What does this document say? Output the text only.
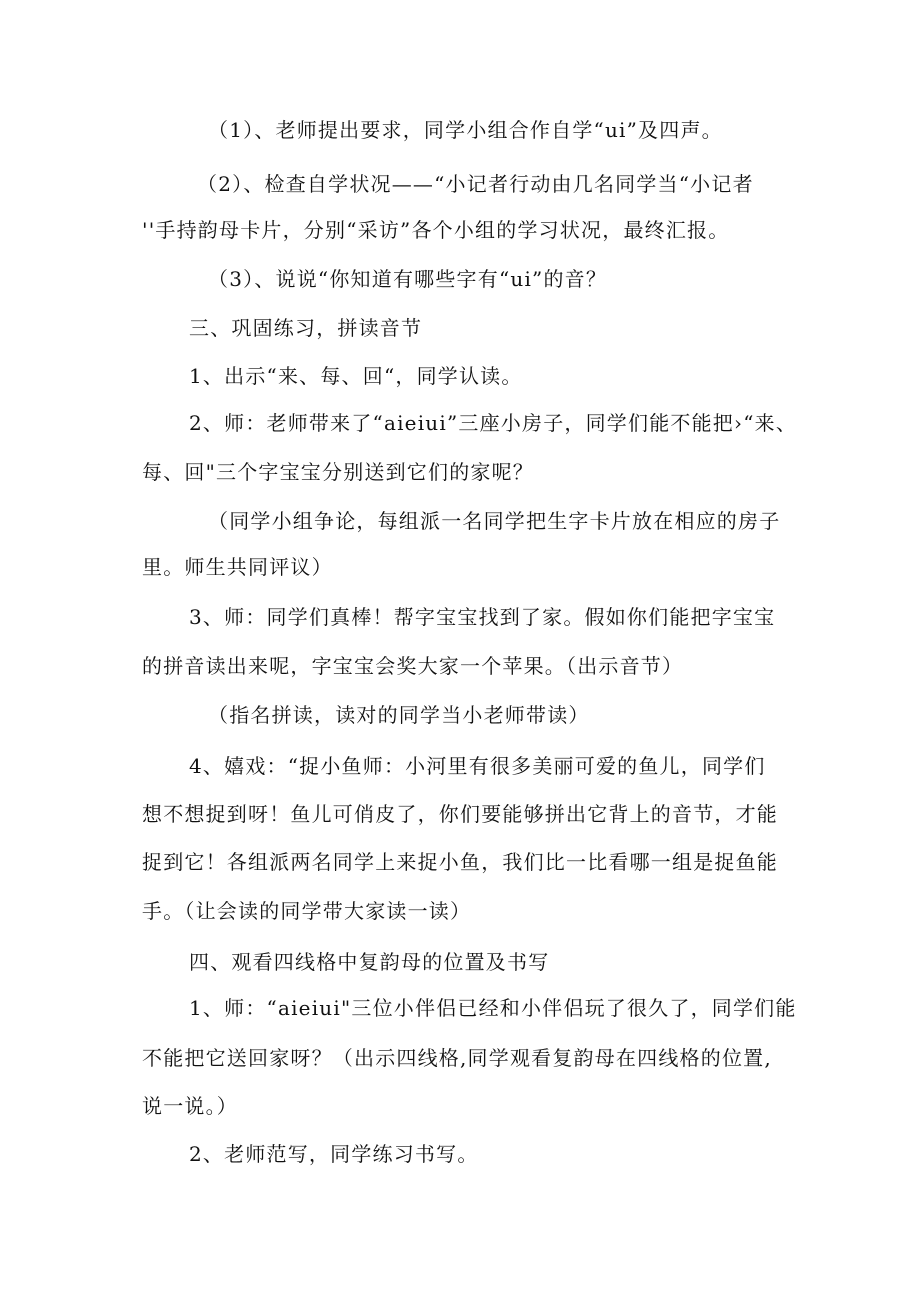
（1）、老师提出要求，同学小组合作自学“ui”及四声。
（2）、检查自学状况——“小记者行动由几名同学当“小记者
''手持韵母卡片，分别“采访”各个小组的学习状况，最终汇报。
（3）、说说“你知道有哪些字有“ui”的音？
三、巩固练习，拼读音节
1、出示“来、每、回“，同学认读。
2、师：老师带来了“aieiui”三座小房子，同学们能不能把›“来、
每、回"三个字宝宝分别送到它们的家呢？
（同学小组争论，每组派一名同学把生字卡片放在相应的房子
里。师生共同评议）
3、师：同学们真棒！帮字宝宝找到了家。假如你们能把字宝宝
的拼音读出来呢，字宝宝会奖大家一个苹果。（出示音节）
（指名拼读，读对的同学当小老师带读）
4、嬉戏：“捉小鱼师：小河里有很多美丽可爱的鱼儿，同学们
想不想捉到呀！鱼儿可俏皮了，你们要能够拼出它背上的音节，才能
捉到它！各组派两名同学上来捉小鱼，我们比一比看哪一组是捉鱼能
手。（让会读的同学带大家读一读）
四、观看四线格中复韵母的位置及书写
1、师：“aieiui"三位小伴侣已经和小伴侣玩了很久了，同学们能
不能把它送回家呀？（出示四线格,同学观看复韵母在四线格的位置,
说一说。）
2、老师范写，同学练习书写。
